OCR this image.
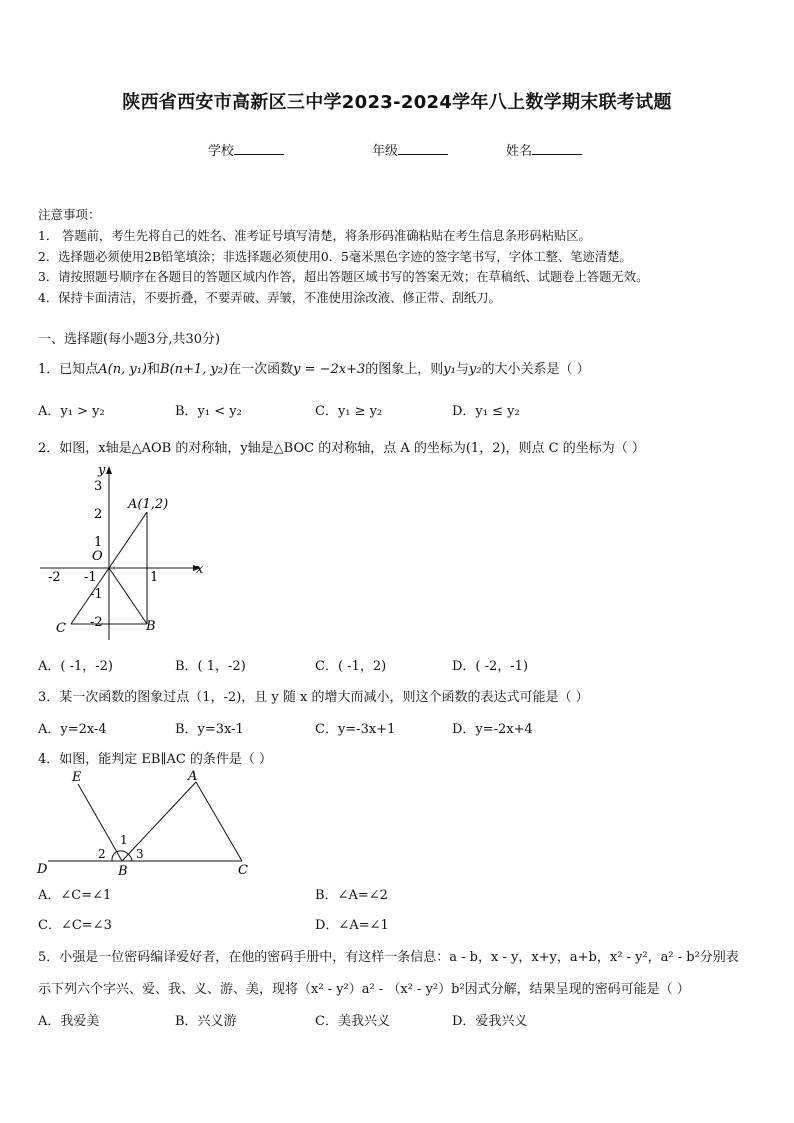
陕西省西安市高新区三中学2023-2024学年八上数学期末联考试题
学校	年级	姓名
注意事项：
1． 答题前，考生先将自己的姓名、准考证号填写清楚，将条形码准确粘贴在考生信息条形码粘贴区。
2．选择题必须使用2B铅笔填涂；非选择题必须使用0．5毫米黑色字迹的签字笔书写，字体工整、笔迹清楚。
3．请按照题号顺序在各题目的答题区域内作答，超出答题区域书写的答案无效；在草稿纸、试题卷上答题无效。
4．保持卡面清洁，不要折叠，不要弄破、弄皱，不准使用涂改液、修正带、刮纸刀。
一、选择题(每小题3分,共30分)
1．已知点A(n, y₁)和B(n+1, y₂)在一次函数y = −2x+3的图象上，则y₁与y₂的大小关系是（ ）
A．y₁ > y₂	B．y₁ < y₂	C．y₁ ≥ y₂	D．y₁ ≤ y₂
2．如图，x轴是△AOB 的对称轴，y轴是△BOC 的对称轴，点 A 的坐标为(1，2)，则点 C 的坐标为（ ）
y
x
O
A(1,2)
B
C
3
2
1
-1
-2
-2 -1	1
A．( -1，-2)	B．( 1，-2)	C．( -1，2)	D．( -2，-1)
3．某一次函数的图象过点（1，-2)，且 y 随 x 的增大而减小，则这个函数的表达式可能是（ ）
A．y=2x-4	B．y=3x-1	C．y=-3x+1	D．y=-2x+4
4．如图，能判定 EB∥AC 的条件是（ ）
E	A
D	B	C
1
2	3
A．∠C=∠1	B．∠A=∠2
C．∠C=∠3	D．∠A=∠1
5．小强是一位密码编译爱好者，在他的密码手册中，有这样一条信息：a - b，x - y，x+y，a+b，x² - y²，a² - b²分别表
示下列六个字兴、爱、我、义、游、美，现将（x² - y²）a² - （x² - y²）b²因式分解，结果呈现的密码可能是（ ）
A．我爱美	B．兴义游	C．美我兴义	D．爱我兴义
